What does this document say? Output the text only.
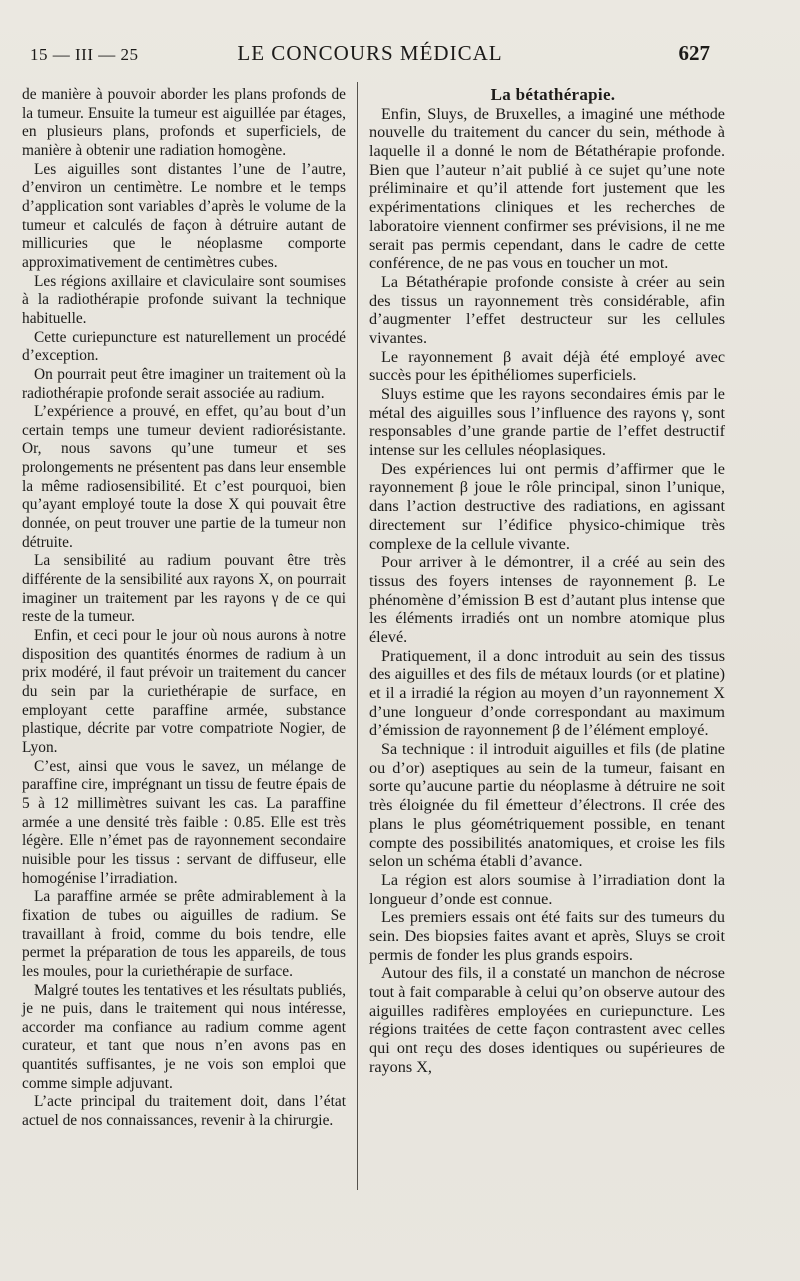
15 — III — 25	LE CONCOURS MÉDICAL	627

de manière à pouvoir aborder les plans profonds de la tumeur. Ensuite la tumeur est aiguillée par étages, en plusieurs plans, profonds et superficiels, de manière à obtenir une radiation homogène.

Les aiguilles sont distantes l’une de l’autre, d’environ un centimètre. Le nombre et le temps d’application sont variables d’après le volume de la tumeur et calculés de façon à détruire autant de millicuries que le néoplasme comporte approximativement de centimètres cubes.

Les régions axillaire et claviculaire sont soumises à la radiothérapie profonde suivant la technique habituelle.

Cette curiepuncture est naturellement un procédé d’exception.

On pourrait peut être imaginer un traitement où la radiothérapie profonde serait associée au radium.

L’expérience a prouvé, en effet, qu’au bout d’un certain temps une tumeur devient radiorésistante. Or, nous savons qu’une tumeur et ses prolongements ne présentent pas dans leur ensemble la même radiosensibilité. Et c’est pourquoi, bien qu’ayant employé toute la dose X qui pouvait être donnée, on peut trouver une partie de la tumeur non détruite.

La sensibilité au radium pouvant être très différente de la sensibilité aux rayons X, on pourrait imaginer un traitement par les rayons γ de ce qui reste de la tumeur.

Enfin, et ceci pour le jour où nous aurons à notre disposition des quantités énormes de radium à un prix modéré, il faut prévoir un traitement du cancer du sein par la curiethérapie de surface, en employant cette paraffine armée, substance plastique, décrite par votre compatriote Nogier, de Lyon.

C’est, ainsi que vous le savez, un mélange de paraffine cire, imprégnant un tissu de feutre épais de 5 à 12 millimètres suivant les cas. La paraffine armée a une densité très faible : 0.85. Elle est très légère. Elle n’émet pas de rayonnement secondaire nuisible pour les tissus : servant de diffuseur, elle homogénise l’irradiation.

La paraffine armée se prête admirablement à la fixation de tubes ou aiguilles de radium. Se travaillant à froid, comme du bois tendre, elle permet la préparation de tous les appareils, de tous les moules, pour la curiethérapie de surface.

Malgré toutes les tentatives et les résultats publiés, je ne puis, dans le traitement qui nous intéresse, accorder ma confiance au radium comme agent curateur, et tant que nous n’en avons pas en quantités suffisantes, je ne vois son emploi que comme simple adjuvant.

L’acte principal du traitement doit, dans l’état actuel de nos connaissances, revenir à la chirurgie.

La bétathérapie.

Enfin, Sluys, de Bruxelles, a imaginé une méthode nouvelle du traitement du cancer du sein, méthode à laquelle il a donné le nom de Bétathérapie profonde. Bien que l’auteur n’ait publié à ce sujet qu’une note préliminaire et qu’il attende fort justement que les expérimentations cliniques et les recherches de laboratoire viennent confirmer ses prévisions, il ne me serait pas permis cependant, dans le cadre de cette conférence, de ne pas vous en toucher un mot.

La Bétathérapie profonde consiste à créer au sein des tissus un rayonnement très considérable, afin d’augmenter l’effet destructeur sur les cellules vivantes.

Le rayonnement β avait déjà été employé avec succès pour les épithéliomes superficiels.

Sluys estime que les rayons secondaires émis par le métal des aiguilles sous l’influence des rayons γ, sont responsables d’une grande partie de l’effet destructif intense sur les cellules néoplasiques.

Des expériences lui ont permis d’affirmer que le rayonnement β joue le rôle principal, sinon l’unique, dans l’action destructive des radiations, en agissant directement sur l’édifice physico-chimique très complexe de la cellule vivante.

Pour arriver à le démontrer, il a créé au sein des tissus des foyers intenses de rayonnement β. Le phénomène d’émission B est d’autant plus intense que les éléments irradiés ont un nombre atomique plus élevé.

Pratiquement, il a donc introduit au sein des tissus des aiguilles et des fils de métaux lourds (or et platine) et il a irradié la région au moyen d’un rayonnement X d’une longueur d’onde correspondant au maximum d’émission de rayonnement β de l’élément employé.

Sa technique : il introduit aiguilles et fils (de platine ou d’or) aseptiques au sein de la tumeur, faisant en sorte qu’aucune partie du néoplasme à détruire ne soit très éloignée du fil émetteur d’électrons. Il crée des plans le plus géométriquement possible, en tenant compte des possibilités anatomiques, et croise les fils selon un schéma établi d’avance.

La région est alors soumise à l’irradiation dont la longueur d’onde est connue.

Les premiers essais ont été faits sur des tumeurs du sein. Des biopsies faites avant et après, Sluys se croit permis de fonder les plus grands espoirs.

Autour des fils, il a constaté un manchon de nécrose tout à fait comparable à celui qu’on observe autour des aiguilles radifères employées en curiepuncture. Les régions traitées de cette façon contrastent avec celles qui ont reçu des doses identiques ou supérieures de rayons X,
